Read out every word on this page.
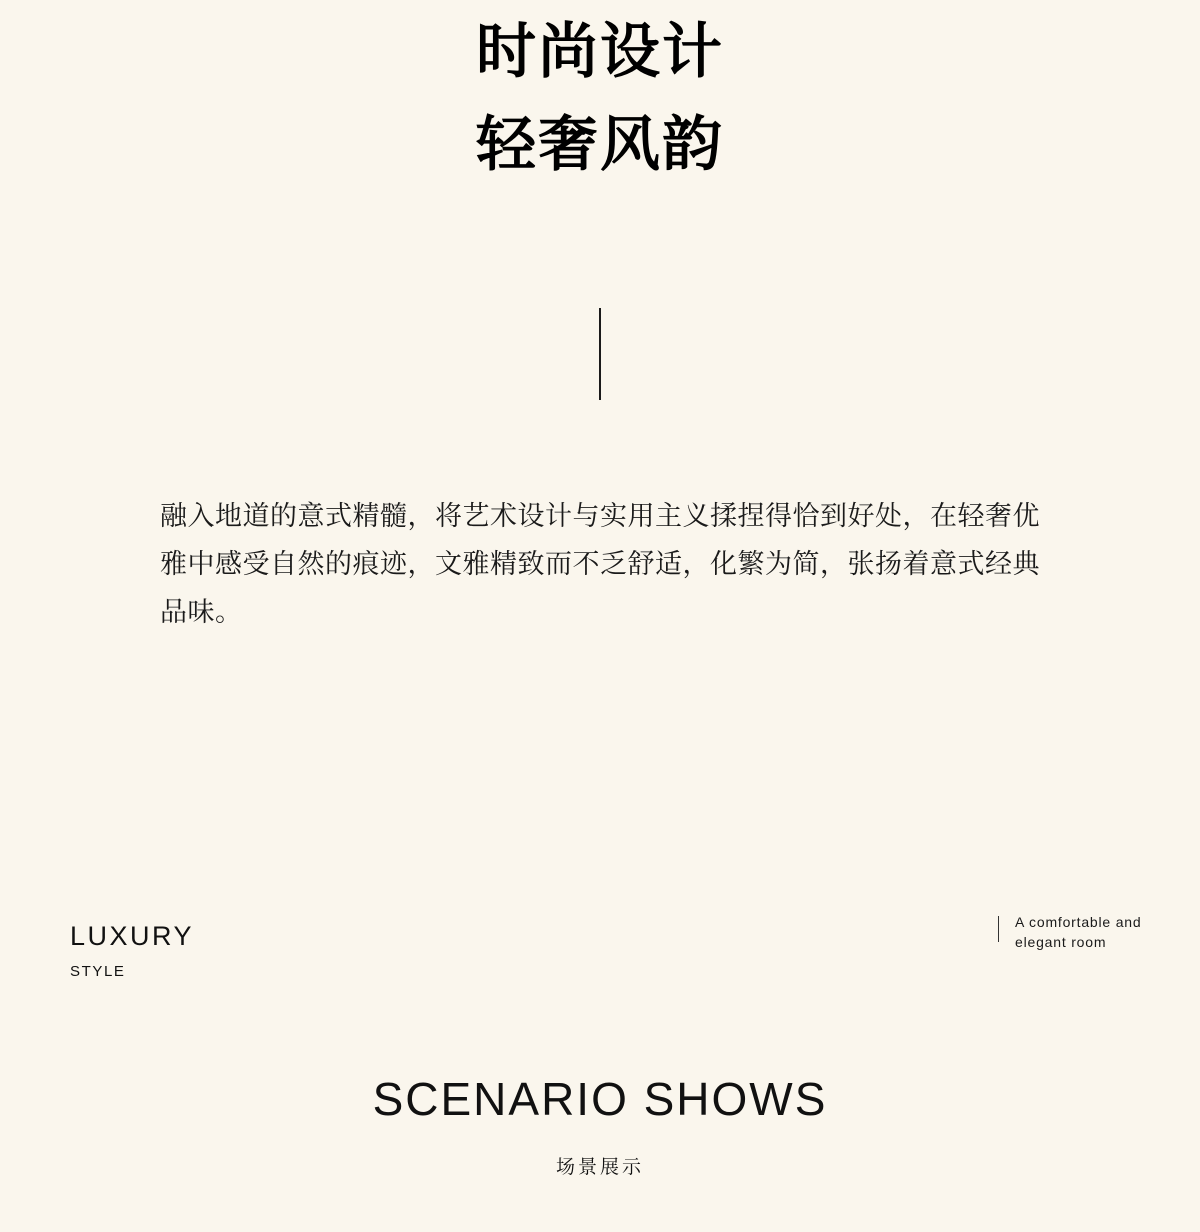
时尚设计
轻奢风韵
融入地道的意式精髓，将艺术设计与实用主义揉捏得恰到好处，在轻奢优雅中感受自然的痕迹，文雅精致而不乏舒适，化繁为简，张扬着意式经典品味。
LUXURY
STYLE
A comfortable and elegant room
SCENARIO SHOWS
场景展示
